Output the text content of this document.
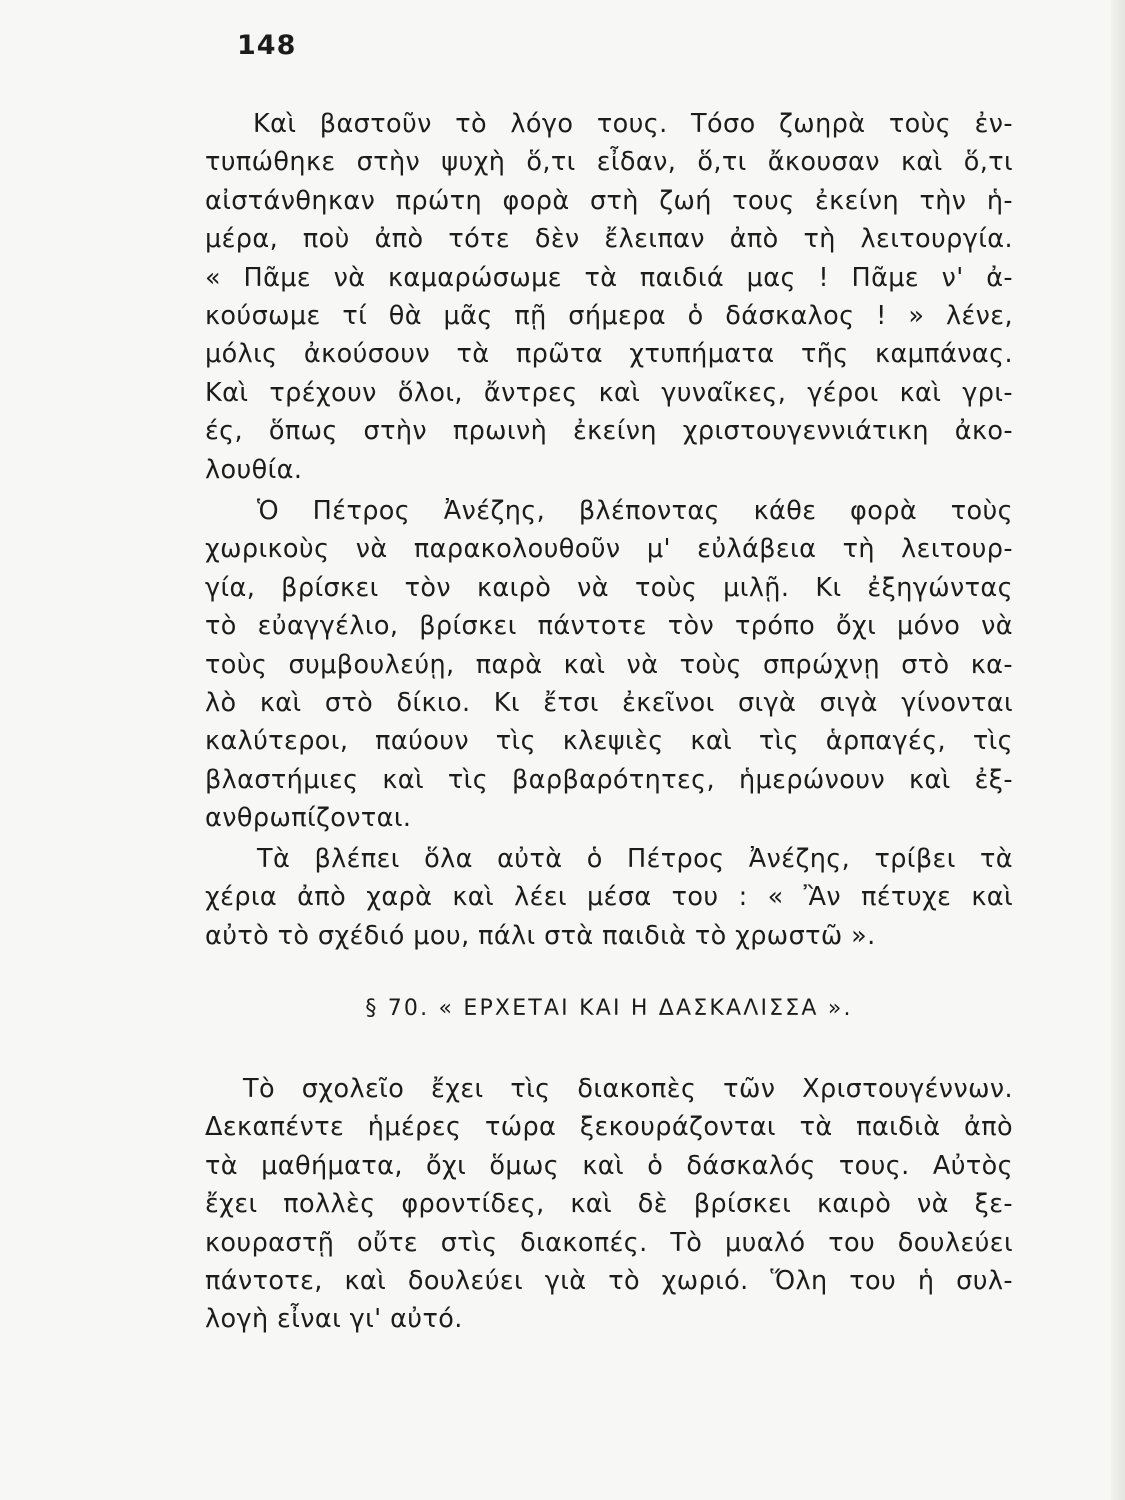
148
Καὶ βαστοῦν τὸ λόγο τους. Τόσο ζωηρὰ τοὺς ἐν-
τυπώθηκε στὴν ψυχὴ ὅ,τι εἶδαν, ὅ,τι ἄκουσαν καὶ ὅ,τι
αἰστάνθηκαν πρώτη φορὰ στὴ ζωή τους ἐκείνη τὴν ἡ-
μέρα, ποὺ ἀπὸ τότε δὲν ἔλειπαν ἀπὸ τὴ λειτουργία.
« Πᾶμε νὰ καμαρώσωμε τὰ παιδιά μας ! Πᾶμε ν' ἀ-
κούσωμε τί θὰ μᾶς πῇ σήμερα ὁ δάσκαλος ! » λένε,
μόλις ἀκούσουν τὰ πρῶτα χτυπήματα τῆς καμπάνας.
Καὶ τρέχουν ὅλοι, ἄντρες καὶ γυναῖκες, γέροι καὶ γρι-
ές, ὅπως στὴν πρωινὴ ἐκείνη χριστουγεννιάτικη ἀκο-
λουθία.
Ὁ Πέτρος Ἀνέζης, βλέποντας κάθε φορὰ τοὺς
χωρικοὺς νὰ παρακολουθοῦν μ' εὐλάβεια τὴ λειτουρ-
γία, βρίσκει τὸν καιρὸ νὰ τοὺς μιλῇ. Κι ἐξηγώντας
τὸ εὐαγγέλιο, βρίσκει πάντοτε τὸν τρόπο ὄχι μόνο νὰ
τοὺς συμβουλεύῃ, παρὰ καὶ νὰ τοὺς σπρώχνῃ στὸ κα-
λὸ καὶ στὸ δίκιο. Κι ἔτσι ἐκεῖνοι σιγὰ σιγὰ γίνονται
καλύτεροι, παύουν τὶς κλεψιὲς καὶ τὶς ἁρπαγές, τὶς
βλαστήμιες καὶ τὶς βαρβαρότητες, ἡμερώνουν καὶ ἐξ-
ανθρωπίζονται.
Τὰ βλέπει ὅλα αὐτὰ ὁ Πέτρος Ἀνέζης, τρίβει τὰ
χέρια ἀπὸ χαρὰ καὶ λέει μέσα του : « Ἂν πέτυχε καὶ
αὐτὸ τὸ σχέδιό μου, πάλι στὰ παιδιὰ τὸ χρωστῶ ».
§ 70. « ΕΡΧΕΤΑΙ ΚΑΙ Η ΔΑΣΚΑΛΙΣΣΑ ».
Τὸ σχολεῖο ἔχει τὶς διακοπὲς τῶν Χριστουγέννων.
Δεκαπέντε ἡμέρες τώρα ξεκουράζονται τὰ παιδιὰ ἀπὸ
τὰ μαθήματα, ὄχι ὅμως καὶ ὁ δάσκαλός τους. Αὐτὸς
ἔχει πολλὲς φροντίδες, καὶ δὲ βρίσκει καιρὸ νὰ ξε-
κουραστῇ οὔτε στὶς διακοπές. Τὸ μυαλό του δουλεύει
πάντοτε, καὶ δουλεύει γιὰ τὸ χωριό. Ὅλη του ἡ συλ-
λογὴ εἶναι γι' αὐτό.
